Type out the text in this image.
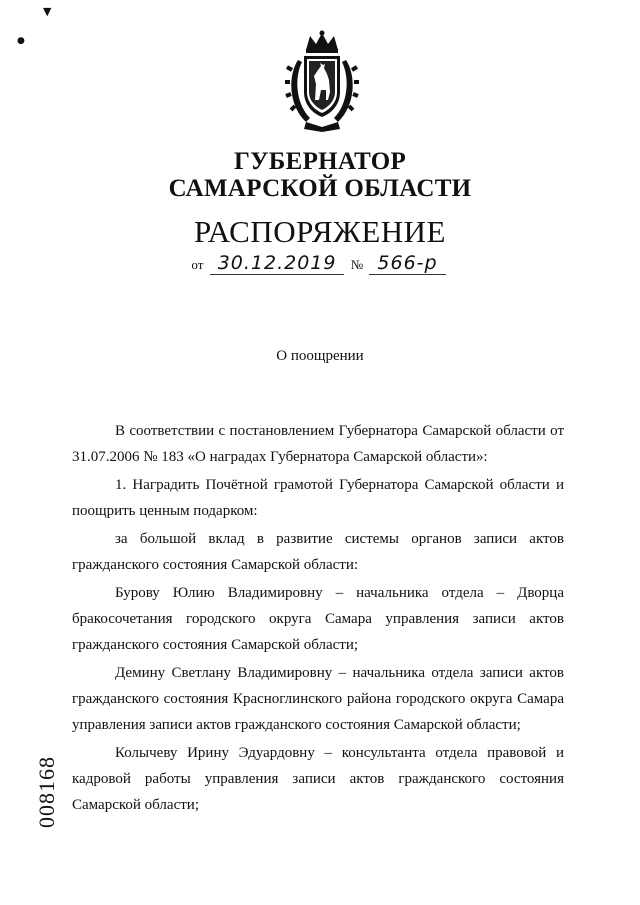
▼
●
ГУБЕРНАТОР
САМАРСКОЙ ОБЛАСТИ
РАСПОРЯЖЕНИЕ
от 30.12.2019 № 566-р
О поощрении

В соответствии с постановлением Губернатора Самарской области от 31.07.2006 № 183 «О наградах Губернатора Самарской области»:

1. Наградить Почётной грамотой Губернатора Самарской области и поощрить ценным подарком:

за большой вклад в развитие системы органов записи актов гражданского состояния Самарской области:

Бурову Юлию Владимировну – начальника отдела – Дворца бракосочетания городского округа Самара управления записи актов гражданского состояния Самарской области;

Демину Светлану Владимировну – начальника отдела записи актов гражданского состояния Красноглинского района городского округа Самара управления записи актов гражданского состояния Самарской области;

Колычеву Ирину Эдуардовну – консультанта отдела правовой и кадровой работы управления записи актов гражданского состояния Самарской области;

008168
